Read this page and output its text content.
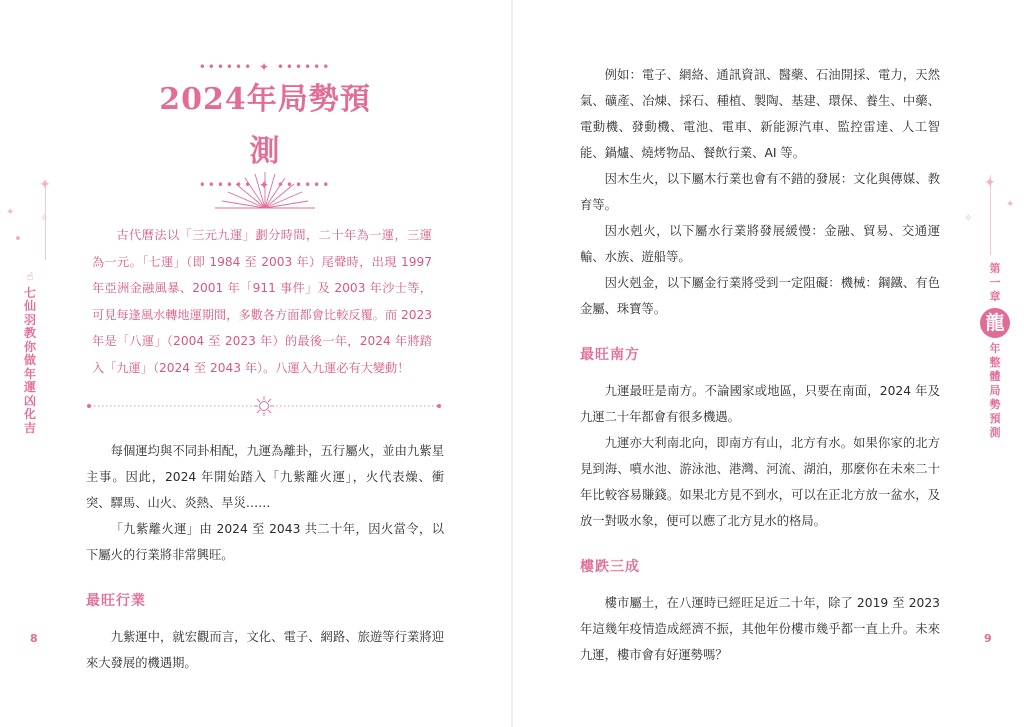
✦
✦
✧
•••••• ✦ ••••••
2024年局勢預測
•••••• ✦ ••••••

古代曆法以「三元九運」劃分時間，二十年為一運，三運為一元。「七運」（即 1984 至 2003 年）尾聲時，出現 1997 年亞洲金融風暴、2001 年「911 事件」及 2003 年沙士等，可見每逢風水轉地運期間，多數各方面都會比較反覆。而 2023 年是「八運」（2004 至 2023 年）的最後一年，2024 年將踏入「九運」（2024 至 2043 年）。八運入九運必有大變動！

每個運均與不同卦相配，九運為離卦，五行屬火，並由九紫星主事。因此，2024 年開始踏入「九紫離火運」，火代表燥、衝突、驛馬、山火、炎熱、旱災……

「九紫離火運」由 2024 至 2043 共二十年，因火當令，以下屬火的行業將非常興旺。

最旺行業

九紫運中，就宏觀而言，文化、電子、網路、旅遊等行業將迎來大發展的機遇期。

☝
七仙羽教你做年運凶化吉
8
✦
✧
✦

例如：電子、網絡、通訊資訊、醫藥、石油開採、電力，天然氣、礦產、冶煉、採石、種植、製陶、基建、環保、養生、中藥、電動機、發動機、電池、電車、新能源汽車、監控雷達、人工智能、鍋爐、燒烤物品、餐飲行業、AI 等。

因木生火，以下屬木行業也會有不錯的發展：文化與傳媒、教育等。

因水剋火，以下屬水行業將發展緩慢：金融、貿易、交通運輸、水族、遊船等。

因火剋金，以下屬金行業將受到一定阻礙：機械：鋼鐵、有色金屬、珠寶等。

最旺南方

九運最旺是南方。不論國家或地區，只要在南面，2024 年及九運二十年都會有很多機遇。

九運亦大利南北向，即南方有山，北方有水。如果你家的北方見到海、噴水池、游泳池、港灣、河流、湖泊，那麼你在未來二十年比較容易賺錢。如果北方見不到水，可以在正北方放一盆水，及放一對吸水象，便可以應了北方見水的格局。

樓跌三成

樓市屬土，在八運時已經旺足近二十年，除了 2019 至 2023 年這幾年疫情造成經濟不振，其他年份樓市幾乎都一直上升。未來九運，樓市會有好運勢嗎？

第一章
龍
年整體局勢預測
9
